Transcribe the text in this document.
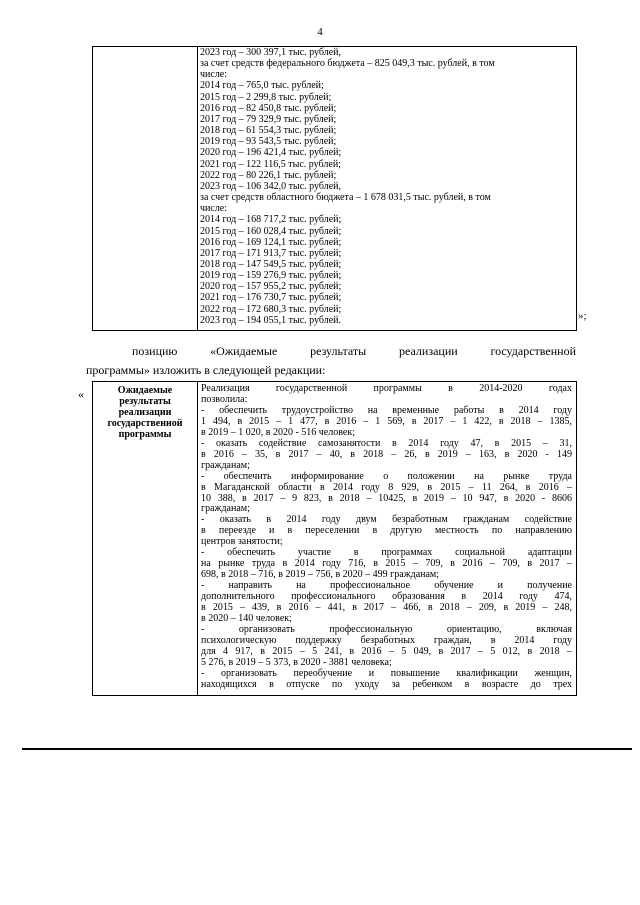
4
2023 год – 300 397,1 тыс. рублей,
за счет средств федерального бюджета – 825 049,3 тыс. рублей, в том
числе:
2014 год – 765,0 тыс. рублей;
2015 год – 2 299,8 тыс. рублей;
2016 год – 82 450,8 тыс. рублей;
2017 год – 79 329,9 тыс. рублей;
2018 год – 61 554,3 тыс. рублей;
2019 год – 93 543,5 тыс. рублей;
2020 год – 196 421,4 тыс. рублей;
2021 год – 122 116,5 тыс. рублей;
2022 год – 80 226,1 тыс. рублей;
2023 год – 106 342,0 тыс. рублей,
за счет средств областного бюджета – 1 678 031,5 тыс. рублей, в том
числе:
2014 год – 168 717,2 тыс. рублей;
2015 год – 160 028,4 тыс. рублей;
2016 год – 169 124,1 тыс. рублей;
2017 год – 171 913,7 тыс. рублей;
2018 год – 147 549,5 тыс. рублей;
2019 год – 159 276,9 тыс. рублей;
2020 год – 157 955,2 тыс. рублей;
2021 год – 176 730,7 тыс. рублей;
2022 год – 172 680,3 тыс. рублей;
2023 год – 194 055,1 тыс. рублей.	»;
позицию «Ожидаемые результаты реализации государственной
программы» изложить в следующей редакции:
«	Ожидаемые результаты реализации государственной программы
Реализация государственной программы в 2014-2020 годах
позволила:
- обеспечить трудоустройство на временные работы в 2014 году
1 494, в 2015 – 1 477, в 2016 – 1 569, в 2017 – 1 422, в 2018 – 1385,
в 2019 – 1 020, в 2020 - 516 человек;
- оказать содействие самозанятости в 2014 году 47, в 2015 – 31,
в 2016 – 35, в 2017 – 40, в 2018 – 26, в 2019 – 163, в 2020 - 149
гражданам;
- обеспечить информирование о положении на рынке труда
в Магаданской области в 2014 году 8 929, в 2015 – 11 264, в 2016 –
10 388, в 2017 – 9 823, в 2018 – 10425, в 2019 – 10 947, в 2020 - 8606
гражданам;
- оказать в 2014 году двум безработным гражданам содействие
в переезде и в переселении в другую местность по направлению
центров занятости;
- обеспечить участие в программах социальной адаптации
на рынке труда в 2014 году 716, в 2015 – 709, в 2016 – 709, в 2017 –
698, в 2018 – 716, в 2019 – 756, в 2020 – 499 гражданам;
- направить на профессиональное обучение и получение
дополнительного профессионального образования в 2014 году 474,
в 2015 – 439, в 2016 – 441, в 2017 – 466, в 2018 – 209, в 2019 – 248,
в 2020 – 140 человек;
- организовать профессиональную ориентацию, включая
психологическую поддержку безработных граждан, в 2014 году
для 4 917, в 2015 – 5 241, в 2016 – 5 049, в 2017 – 5 012, в 2018 –
5 276, в 2019 – 5 373, в 2020 - 3881 человека;
- организовать переобучение и повышение квалификации женщин,
находящихся в отпуске по уходу за ребенком в возрасте до трех
